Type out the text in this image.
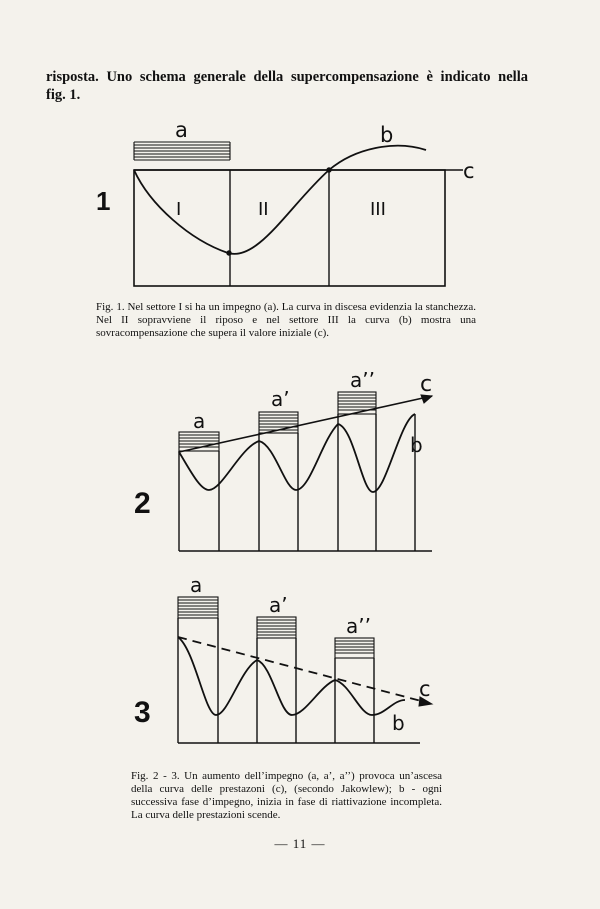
risposta. Uno schema generale della supercompensazione è indicato nella
fig. 1.
a	b
c
I	II	III
a
a’
a’’
b
c
a
a’
a’’
b
c
1
2
3
Fig. 1. Nel settore I si ha un impegno (a). La curva in discesa evidenzia la stanchezza. Nel II sopravviene il riposo e nel settore III la curva (b) mostra una sovracompensazione che supera il valore iniziale (c).
Fig. 2 - 3. Un aumento dell’impegno (a, a’, a’’) provoca un’ascesa della curva delle prestazoni (c), (secondo Jakowlew); b - ogni successiva fase d’impegno, inizia in fase di riattivazione incompleta. La curva delle prestazioni scende.
— 11 —
